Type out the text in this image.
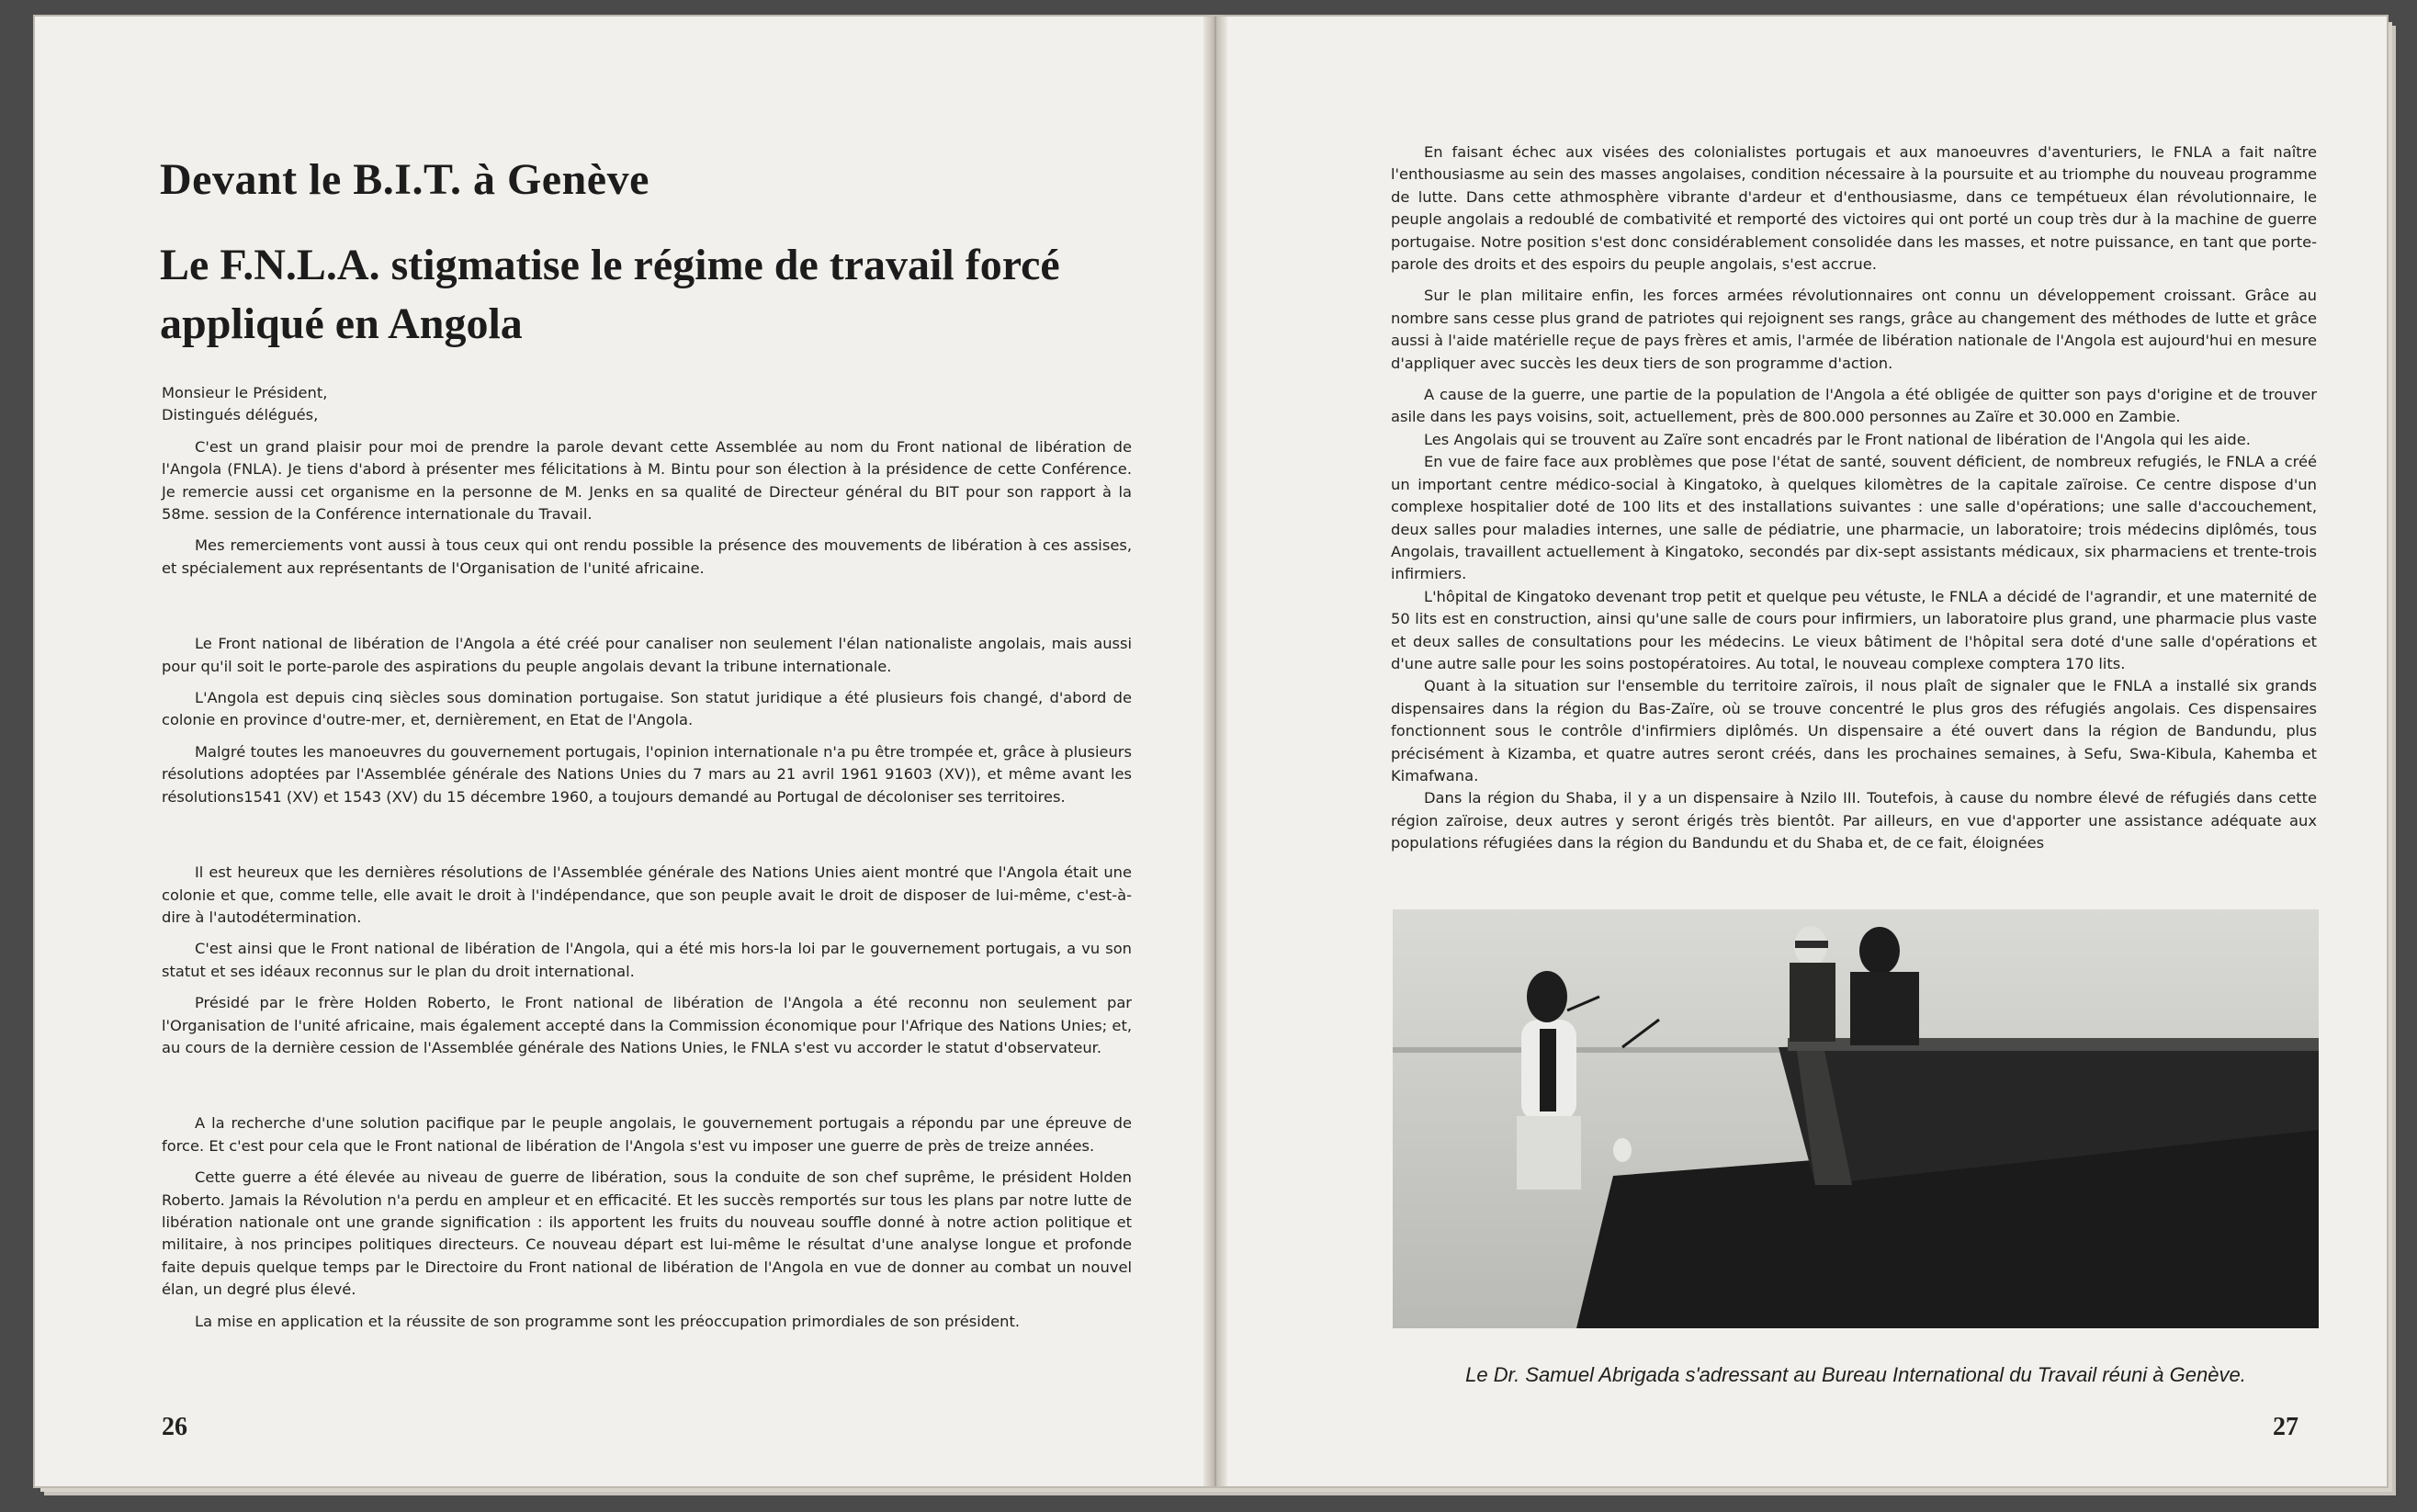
Devant le B.I.T. à Genève
Le F.N.L.A. stigmatise le régime de travail forcé appliqué en Angola

Monsieur le Président,

Distingués délégués,

C'est un grand plaisir pour moi de prendre la parole devant cette Assemblée au nom du Front national de libération de l'Angola (FNLA). Je tiens d'abord à présenter mes félicitations à M. Bintu pour son élection à la présidence de cette Conférence. Je remercie aussi cet organisme en la personne de M. Jenks en sa qualité de Directeur général du BIT pour son rapport à la 58me. session de la Conférence internationale du Travail.

Mes remerciements vont aussi à tous ceux qui ont rendu possible la présence des mouvements de libération à ces assises, et spécialement aux représentants de l'Organisation de l'unité africaine.

Le Front national de libération de l'Angola a été créé pour canaliser non seulement l'élan nationaliste angolais, mais aussi pour qu'il soit le porte-parole des aspirations du peuple angolais devant la tribune internationale.

L'Angola est depuis cinq siècles sous domination portugaise. Son statut juridique a été plusieurs fois changé, d'abord de colonie en province d'outre-mer, et, dernièrement, en Etat de l'Angola.

Malgré toutes les manoeuvres du gouvernement portugais, l'opinion internationale n'a pu être trompée et, grâce à plusieurs résolutions adoptées par l'Assemblée générale des Nations Unies du 7 mars au 21 avril 1961 91603 (XV)), et même avant les résolutions1541 (XV) et 1543 (XV) du 15 décembre 1960, a toujours demandé au Portugal de décoloniser ses territoires.

Il est heureux que les dernières résolutions de l'Assemblée générale des Nations Unies aient montré que l'Angola était une colonie et que, comme telle, elle avait le droit à l'indépendance, que son peuple avait le droit de disposer de lui-même, c'est-à-dire à l'autodétermination.

C'est ainsi que le Front national de libération de l'Angola, qui a été mis hors-la loi par le gouvernement portugais, a vu son statut et ses idéaux reconnus sur le plan du droit international.

Présidé par le frère Holden Roberto, le Front national de libération de l'Angola a été reconnu non seulement par l'Organisation de l'unité africaine, mais également accepté dans la Commission économique pour l'Afrique des Nations Unies; et, au cours de la dernière cession de l'Assemblée générale des Nations Unies, le FNLA s'est vu accorder le statut d'observateur.

A la recherche d'une solution pacifique par le peuple angolais, le gouvernement portugais a répondu par une épreuve de force. Et c'est pour cela que le Front national de libération de l'Angola s'est vu imposer une guerre de près de treize années.

Cette guerre a été élevée au niveau de guerre de libération, sous la conduite de son chef suprême, le président Holden Roberto. Jamais la Révolution n'a perdu en ampleur et en efficacité. Et les succès remportés sur tous les plans par notre lutte de libération nationale ont une grande signification : ils apportent les fruits du nouveau souffle donné à notre action politique et militaire, à nos principes politiques directeurs. Ce nouveau départ est lui-même le résultat d'une analyse longue et profonde faite depuis quelque temps par le Directoire du Front national de libération de l'Angola en vue de donner au combat un nouvel élan, un degré plus élevé.

La mise en application et la réussite de son programme sont les préoccupation primordiales de son président.

26

En faisant échec aux visées des colonialistes portugais et aux manoeuvres d'aventuriers, le FNLA a fait naître l'enthousiasme au sein des masses angolaises, condition nécessaire à la poursuite et au triomphe du nouveau programme de lutte. Dans cette athmosphère vibrante d'ardeur et d'enthousiasme, dans ce tempétueux élan révolutionnaire, le peuple angolais a redoublé de combativité et remporté des victoires qui ont porté un coup très dur à la machine de guerre portugaise. Notre position s'est donc considérablement consolidée dans les masses, et notre puissance, en tant que porte-parole des droits et des espoirs du peuple angolais, s'est accrue.

Sur le plan militaire enfin, les forces armées révolutionnaires ont connu un développement croissant. Grâce au nombre sans cesse plus grand de patriotes qui rejoignent ses rangs, grâce au changement des méthodes de lutte et grâce aussi à l'aide matérielle reçue de pays frères et amis, l'armée de libération nationale de l'Angola est aujourd'hui en mesure d'appliquer avec succès les deux tiers de son programme d'action.

A cause de la guerre, une partie de la population de l'Angola a été obligée de quitter son pays d'origine et de trouver asile dans les pays voisins, soit, actuellement, près de 800.000 personnes au Zaïre et 30.000 en Zambie.

Les Angolais qui se trouvent au Zaïre sont encadrés par le Front national de libération de l'Angola qui les aide.

En vue de faire face aux problèmes que pose l'état de santé, souvent déficient, de nombreux refugiés, le FNLA a créé un important centre médico-social à Kingatoko, à quelques kilomètres de la capitale zaïroise. Ce centre dispose d'un complexe hospitalier doté de 100 lits et des installations suivantes : une salle d'opérations; une salle d'accouchement, deux salles pour maladies internes, une salle de pédiatrie, une pharmacie, un laboratoire; trois médecins diplômés, tous Angolais, travaillent actuellement à Kingatoko, secondés par dix-sept assistants médicaux, six pharmaciens et trente-trois infirmiers.

L'hôpital de Kingatoko devenant trop petit et quelque peu vétuste, le FNLA a décidé de l'agrandir, et une maternité de 50 lits est en construction, ainsi qu'une salle de cours pour infirmiers, un laboratoire plus grand, une pharmacie plus vaste et deux salles de consultations pour les médecins. Le vieux bâtiment de l'hôpital sera doté d'une salle d'opérations et d'une autre salle pour les soins postopératoires. Au total, le nouveau complexe comptera 170 lits.

Quant à la situation sur l'ensemble du territoire zaïrois, il nous plaît de signaler que le FNLA a installé six grands dispensaires dans la région du Bas-Zaïre, où se trouve concentré le plus gros des réfugiés angolais. Ces dispensaires fonctionnent sous le contrôle d'infirmiers diplômés. Un dispensaire a été ouvert dans la région de Bandundu, plus précisément à Kizamba, et quatre autres seront créés, dans les prochaines semaines, à Sefu, Swa-Kibula, Kahemba et Kimafwana.

Dans la région du Shaba, il y a un dispensaire à Nzilo III. Toutefois, à cause du nombre élevé de réfugiés dans cette région zaïroise, deux autres y seront érigés très bientôt. Par ailleurs, en vue d'apporter une assistance adéquate aux populations réfugiées dans la région du Bandundu et du Shaba et, de ce fait, éloignées

Le Dr. Samuel Abrigada s'adressant au Bureau International du Travail réuni à Genève.
27
